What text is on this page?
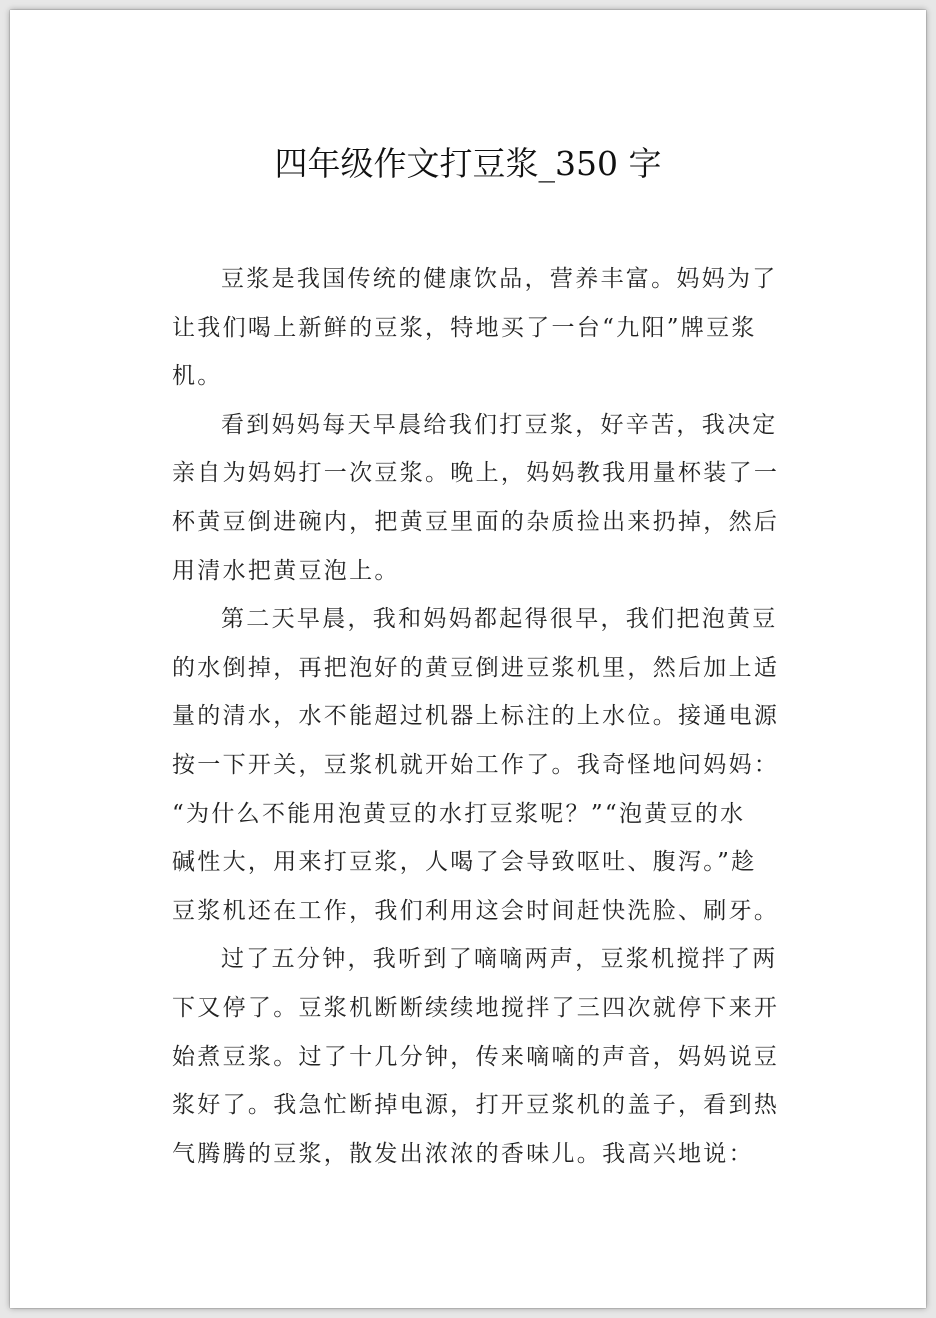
四年级作文打豆浆_350 字
豆浆是我国传统的健康饮品，营养丰富。妈妈为了
让我们喝上新鲜的豆浆，特地买了一台“九阳”牌豆浆
机。
看到妈妈每天早晨给我们打豆浆，好辛苦，我决定
亲自为妈妈打一次豆浆。晚上，妈妈教我用量杯装了一
杯黄豆倒进碗内，把黄豆里面的杂质捡出来扔掉，然后
用清水把黄豆泡上。
第二天早晨，我和妈妈都起得很早，我们把泡黄豆
的水倒掉，再把泡好的黄豆倒进豆浆机里，然后加上适
量的清水，水不能超过机器上标注的上水位。接通电源
按一下开关，豆浆机就开始工作了。我奇怪地问妈妈：
“为什么不能用泡黄豆的水打豆浆呢？”“泡黄豆的水
碱性大，用来打豆浆，人喝了会导致呕吐、腹泻。”趁
豆浆机还在工作，我们利用这会时间赶快洗脸、刷牙。
过了五分钟，我听到了嘀嘀两声，豆浆机搅拌了两
下又停了。豆浆机断断续续地搅拌了三四次就停下来开
始煮豆浆。过了十几分钟，传来嘀嘀的声音，妈妈说豆
浆好了。我急忙断掉电源，打开豆浆机的盖子，看到热
气腾腾的豆浆，散发出浓浓的香味儿。我高兴地说：
